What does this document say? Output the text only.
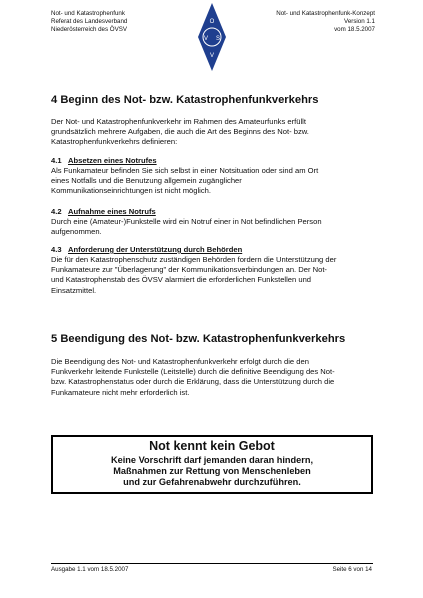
Not- und Katastrophenfunk
Referat des Landesverband
Niederösterreich des ÖVSV
O
V S
V
Not- und Katastrophenfunk-Konzept
Version 1.1
vom 18.5.2007
4 Beginn des Not- bzw. Katastrophenfunkverkehrs
Der Not- und Katastrophenfunkverkehr im Rahmen des Amateurfunks erfüllt
grundsätzlich mehrere Aufgaben, die auch die Art des Beginns des Not- bzw.
Katastrophenfunkverkehrs definieren:
4.1 Absetzen eines Notrufes
Als Funkamateur befinden Sie sich selbst in einer Notsituation oder sind am Ort
eines Notfalls und die Benutzung allgemein zugänglicher
Kommunikationseinrichtungen ist nicht möglich.
4.2 Aufnahme eines Notrufs
Durch eine (Amateur-)Funkstelle wird ein Notruf einer in Not befindlichen Person
aufgenommen.
4.3 Anforderung der Unterstützung durch Behörden
Die für den Katastrophenschutz zuständigen Behörden fordern die Unterstützung der
Funkamateure zur "Überlagerung" der Kommunikationsverbindungen an. Der Not-
und Katastrophenstab des ÖVSV alarmiert die erforderlichen Funkstellen und
Einsatzmittel.
5 Beendigung des Not- bzw. Katastrophenfunkverkehrs
Die Beendigung des Not- und Katastrophenfunkverkehr erfolgt durch die den
Funkverkehr leitende Funkstelle (Leitstelle) durch die definitive Beendigung des Not-
bzw. Katastrophenstatus oder durch die Erklärung, dass die Unterstützung durch die
Funkamateure nicht mehr erforderlich ist.
Not kennt kein Gebot
Keine Vorschrift darf jemanden daran hindern,
Maßnahmen zur Rettung von Menschenleben
und zur Gefahrenabwehr durchzuführen.
Ausgabe 1.1 vom 18.5.2007	Seite 6 von 14
